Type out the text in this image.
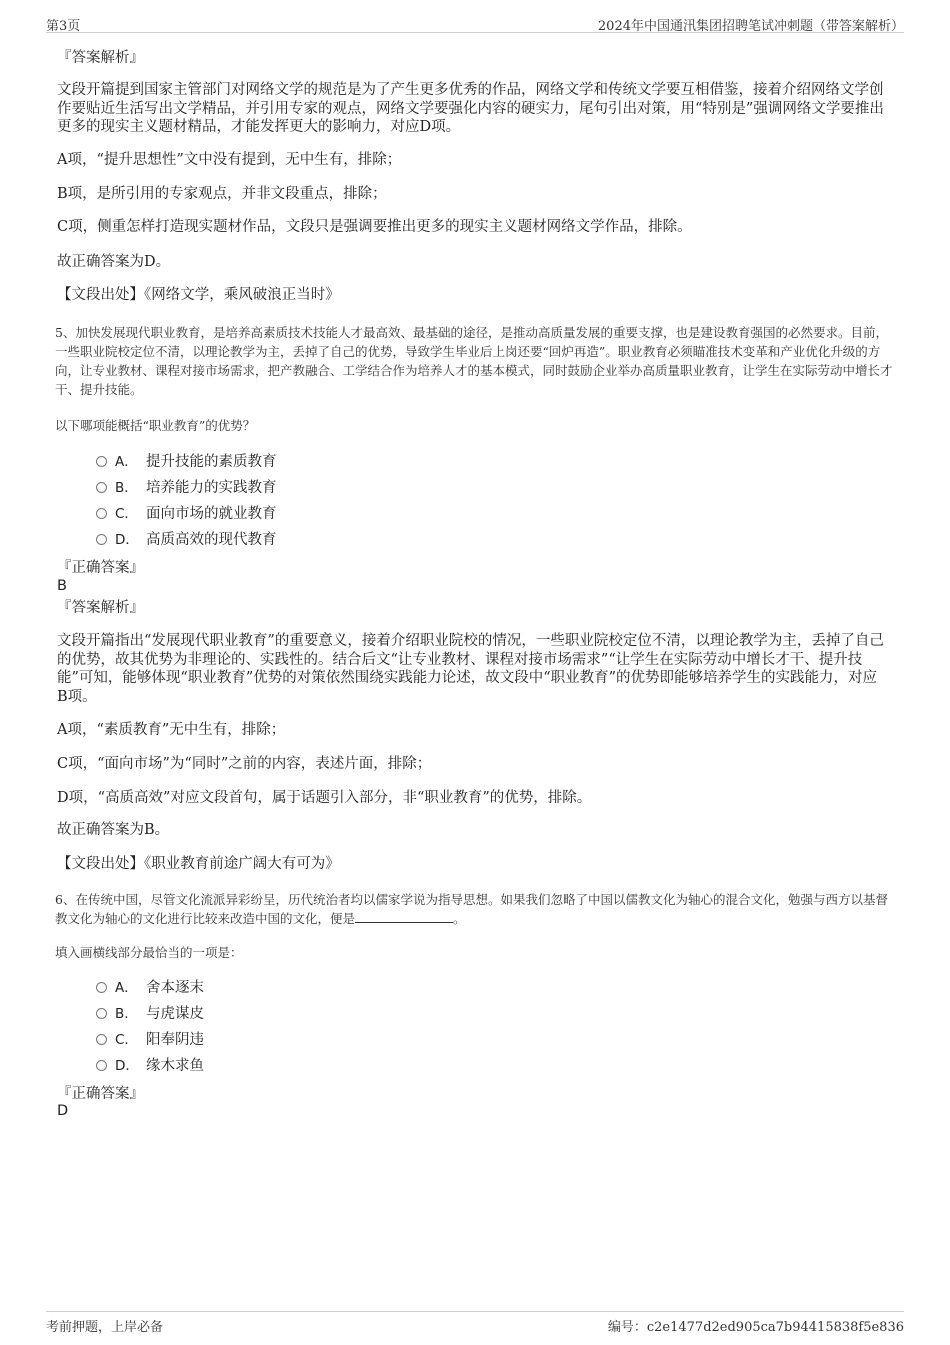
第3页	2024年中国通汛集团招聘笔试冲刺题（带答案解析）
『答案解析』
文段开篇提到国家主管部门对网络文学的规范是为了产生更多优秀的作品，网络文学和传统文学要互相借鉴，接着介绍网络文学创作要贴近生活写出文学精品，并引用专家的观点，网络文学要强化内容的硬实力，尾句引出对策，用“特别是”强调网络文学要推出更多的现实主义题材精品，才能发挥更大的影响力，对应D项。
A项，“提升思想性”文中没有提到，无中生有，排除；
B项，是所引用的专家观点，并非文段重点，排除；
C项，侧重怎样打造现实题材作品，文段只是强调要推出更多的现实主义题材网络文学作品，排除。
故正确答案为D。
【文段出处】《网络文学，乘风破浪正当时》
5、加快发展现代职业教育，是培养高素质技术技能人才最高效、最基础的途径，是推动高质量发展的重要支撑，也是建设教育强国的必然要求。目前，一些职业院校定位不清，以理论教学为主，丢掉了自己的优势，导致学生毕业后上岗还要“回炉再造”。职业教育必须瞄准技术变革和产业优化升级的方向，让专业教材、课程对接市场需求，把产教融合、工学结合作为培养人才的基本模式，同时鼓励企业举办高质量职业教育，让学生在实际劳动中增长才干、提升技能。
以下哪项能概括“职业教育”的优势？
A． 提升技能的素质教育
B． 培养能力的实践教育
C． 面向市场的就业教育
D． 高质高效的现代教育
『正确答案』
B
『答案解析』
文段开篇指出“发展现代职业教育”的重要意义，接着介绍职业院校的情况，一些职业院校定位不清，以理论教学为主，丢掉了自己的优势，故其优势为非理论的、实践性的。结合后文“让专业教材、课程对接市场需求”“让学生在实际劳动中增长才干、提升技能”可知，能够体现“职业教育”优势的对策依然围绕实践能力论述，故文段中“职业教育”的优势即能够培养学生的实践能力，对应B项。
A项，“素质教育”无中生有，排除；
C项，“面向市场”为“同时”之前的内容，表述片面，排除；
D项，“高质高效”对应文段首句，属于话题引入部分，非“职业教育”的优势，排除。
故正确答案为B。
【文段出处】《职业教育前途广阔大有可为》
6、在传统中国，尽管文化流派异彩纷呈，历代统治者均以儒家学说为指导思想。如果我们忽略了中国以儒教文化为轴心的混合文化，勉强与西方以基督教文化为轴心的文化进行比较来改造中国的文化，便是	。
填入画横线部分最恰当的一项是：
A． 舍本逐末
B． 与虎谋皮
C． 阳奉阴违
D． 缘木求鱼
『正确答案』
D
考前押题，上岸必备	编号：c2e1477d2ed905ca7b94415838f5e836
